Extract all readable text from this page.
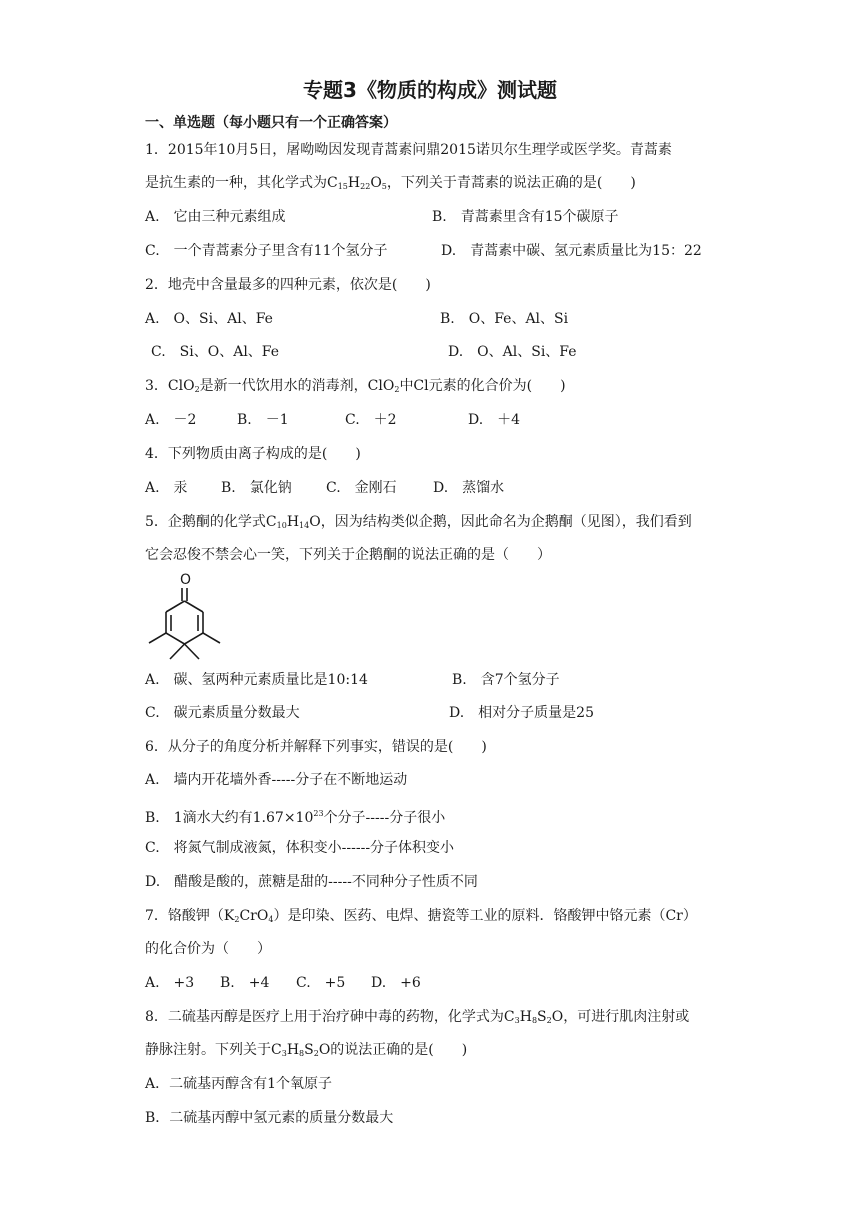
专题3《物质的构成》测试题
一、单选题（每小题只有一个正确答案）
1．2015年10月5日，屠呦呦因发现青蒿素问鼎2015诺贝尔生理学或医学奖。青蒿素
是抗生素的一种，其化学式为$C_{15}H_{22}O_5$，下列关于青蒿素的说法正确的是(　　)
A.　它由三种元素组成	B.　青蒿素里含有15个碳原子
C.　一个青蒿素分子里含有11个氢分子	D.　青蒿素中碳、氢元素质量比为15：22
2．地壳中含量最多的四种元素，依次是(　　)
A.　O、Si、Al、Fe	B.　O、Fe、Al、Si
C.　Si、O、Al、Fe	D.　O、Al、Si、Fe
3．ClO$_2$是新一代饮用水的消毒剂，ClO$_2$中Cl元素的化合价为(　　)
A.　－2	B.　－1	C.　＋2	D.　＋4
4．下列物质由离子构成的是(　　)
A.　汞 B.　氯化钠 C.　金刚石	D.　蒸馏水
5．企鹅酮的化学式$C_{10}H_{14}O$，因为结构类似企鹅，因此命名为企鹅酮（见图），我们看到
它会忍俊不禁会心一笑，下列关于企鹅酮的说法正确的是（　　）
O
A.　碳、氢两种元素质量比是10:14	B.　含7个氢分子
C.　碳元素质量分数最大	D.　相对分子质量是25
6．从分子的角度分析并解释下列事实，错误的是(　　)
A.　墙内开花墙外香-----分子在不断地运动
B.　1滴水大约有$1.67\times 10^{23}$个分子-----分子很小
C.　将氮气制成液氮，体积变小------分子体积变小
D.　醋酸是酸的，蔗糖是甜的-----不同种分子性质不同
7．铬酸钾$(K_2CrO_4)$是印染、医药、电焊、搪瓷等工业的原料．铬酸钾中铬元素（Cr）
的化合价为（　　）
A.　+3 B.　+4 C.　+5 D.　+6
8．二硫基丙醇是医疗上用于治疗砷中毒的药物，化学式为$C_3H_8S_2O$，可进行肌肉注射或
静脉注射。下列关于$C_3H_8S_2O$的说法正确的是(　　)
A．二硫基丙醇含有1个氧原子
B．二硫基丙醇中氢元素的质量分数最大
